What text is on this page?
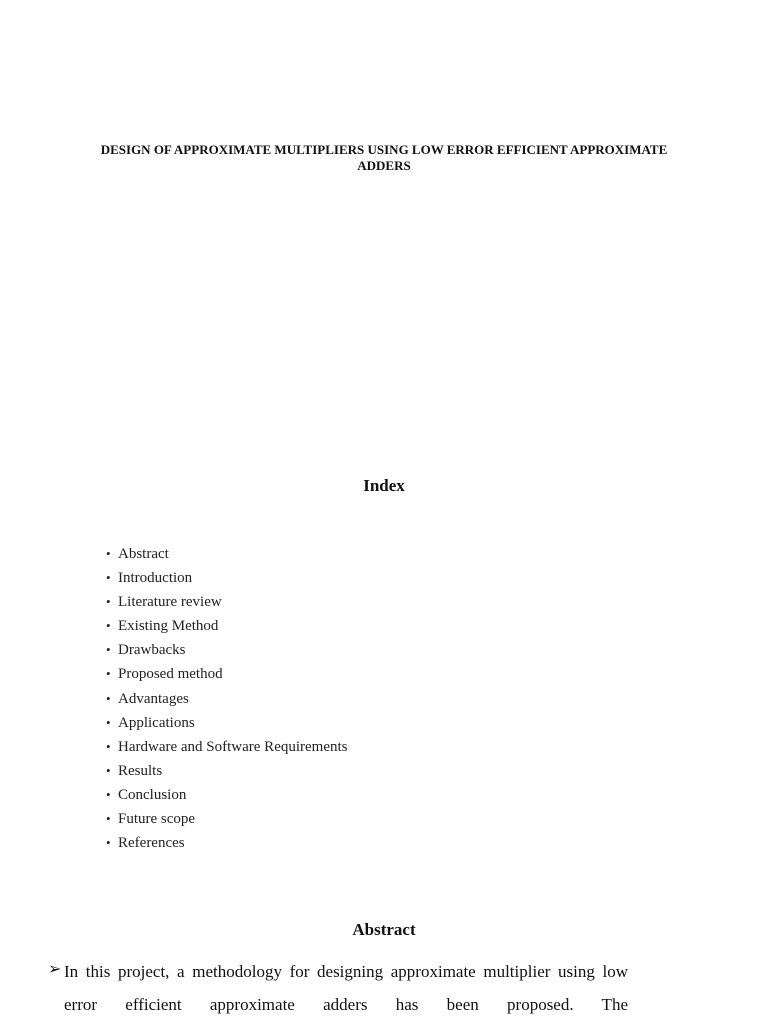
DESIGN OF APPROXIMATE MULTIPLIERS USING LOW ERROR EFFICIENT APPROXIMATE ADDERS
Index
• Abstract
• Introduction
• Literature review
• Existing Method
• Drawbacks
• Proposed method
• Advantages
• Applications
• Hardware and Software Requirements
• Results
• Conclusion
• Future scope
• References
Abstract
➢ In this project, a methodology for designing approximate multiplier using low error efficient approximate adders has been proposed. The
